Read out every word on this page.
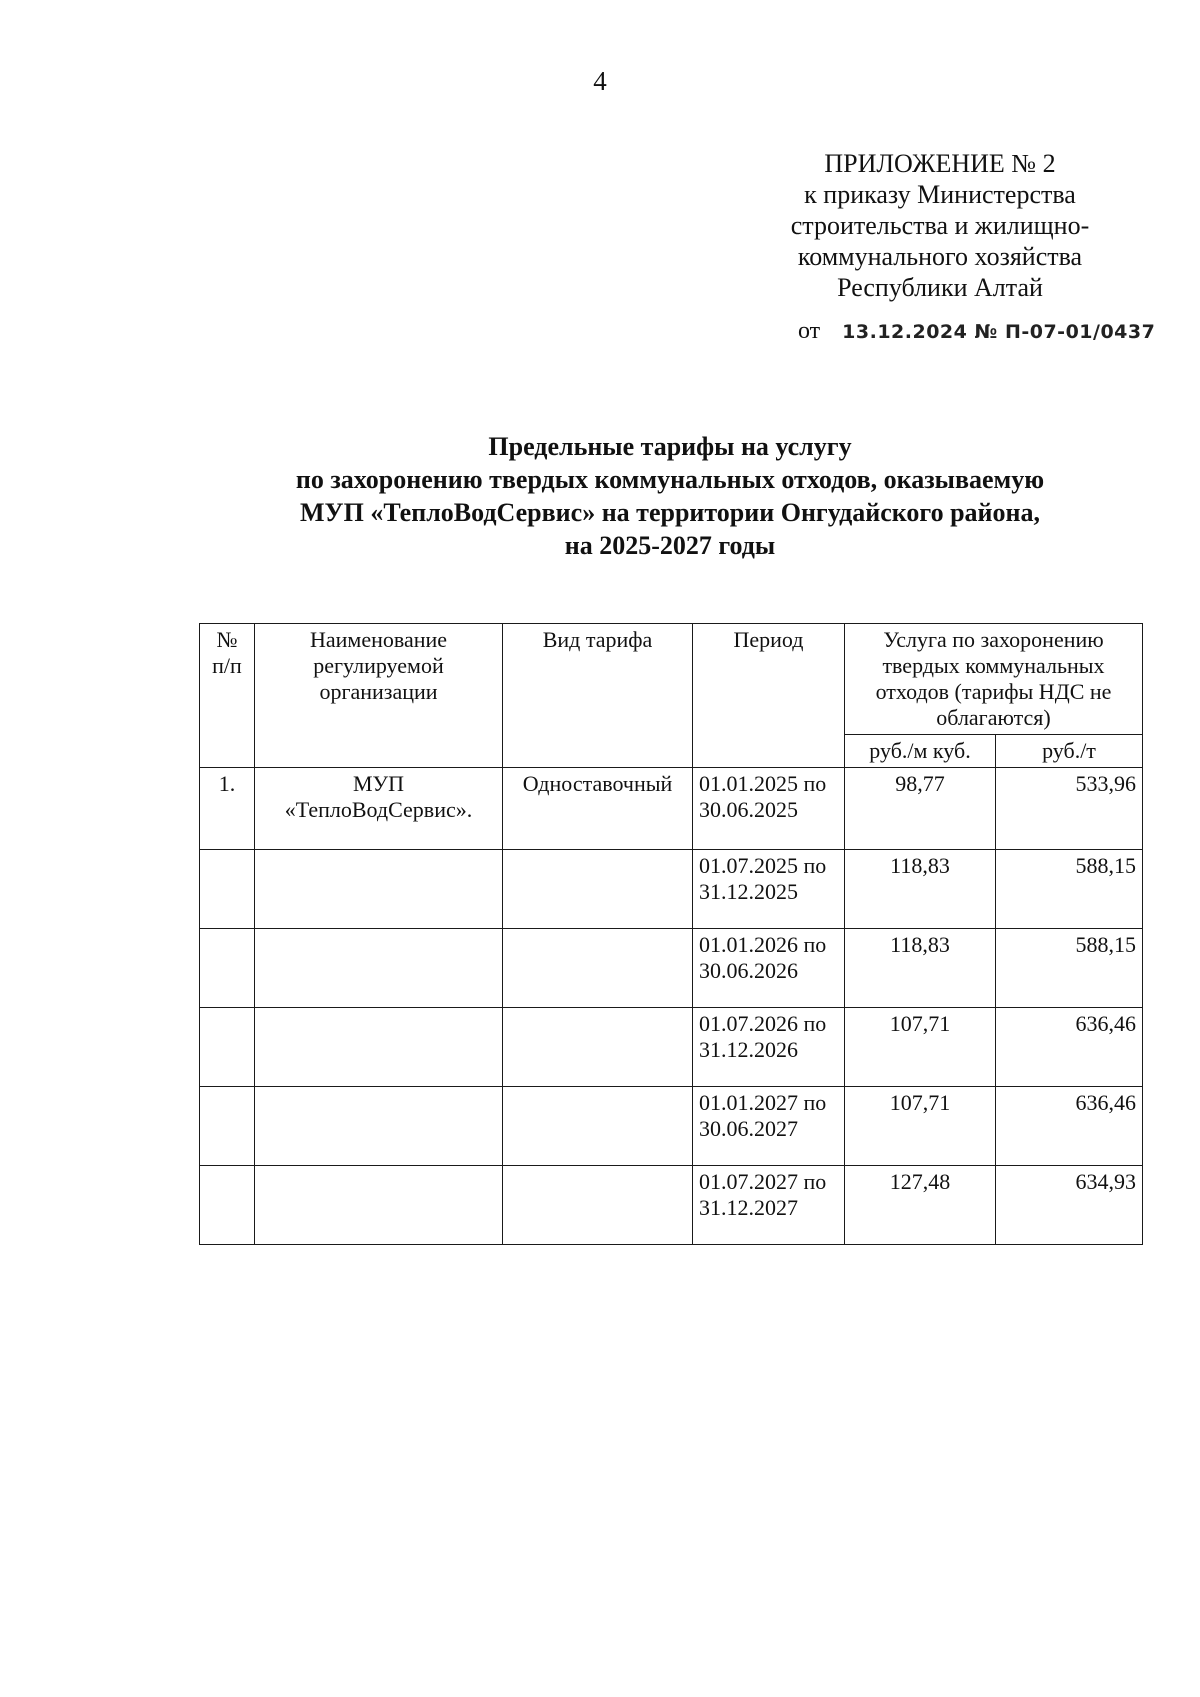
4
ПРИЛОЖЕНИЕ № 2
к приказу Министерства
строительства и жилищно-
коммунального хозяйства
Республики Алтай
от 13.12.2024 № П-07-01/0437
Предельные тарифы на услугу
по захоронению твердых коммунальных отходов, оказываемую
МУП «ТеплоВодСервис» на территории Онгудайского района,
на 2025-2027 годы
№ п/п	Наименование регулируемой организации	Вид тарифа	Период	Услуга по захоронению твердых коммунальных отходов (тарифы НДС не облагаются)	
				руб./м куб.	руб./т
1.	МУП «ТеплоВодСервис».	Одноставочный	01.01.2025 по 30.06.2025	98,77	533,96
			01.07.2025 по 31.12.2025	118,83	588,15
			01.01.2026 по 30.06.2026	118,83	588,15
			01.07.2026 по 31.12.2026	107,71	636,46
			01.01.2027 по 30.06.2027	107,71	636,46
			01.07.2027 по 31.12.2027	127,48	634,93
